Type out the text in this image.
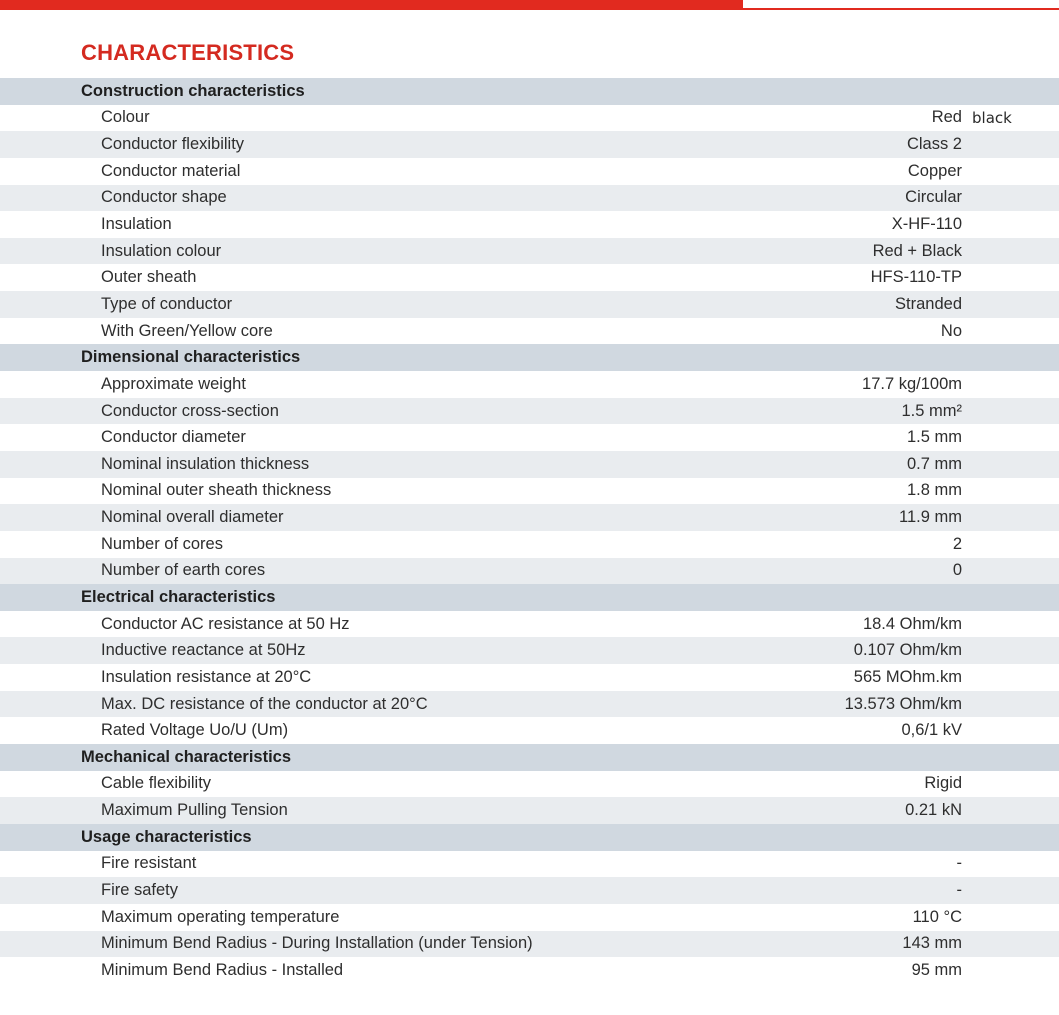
CHARACTERISTICS
Construction characteristics
Colour	Red black
Conductor flexibility	Class 2
Conductor material	Copper
Conductor shape	Circular
Insulation	X-HF-110
Insulation colour	Red + Black
Outer sheath	HFS-110-TP
Type of conductor	Stranded
With Green/Yellow core	No
Dimensional characteristics
Approximate weight	17.7 kg/100m
Conductor cross-section	1.5 mm²
Conductor diameter	1.5 mm
Nominal insulation thickness	0.7 mm
Nominal outer sheath thickness	1.8 mm
Nominal overall diameter	11.9 mm
Number of cores	2
Number of earth cores	0
Electrical characteristics
Conductor AC resistance at 50 Hz	18.4 Ohm/km
Inductive reactance at 50Hz	0.107 Ohm/km
Insulation resistance at 20°C	565 MOhm.km
Max. DC resistance of the conductor at 20°C	13.573 Ohm/km
Rated Voltage Uo/U (Um)	0,6/1 kV
Mechanical characteristics
Cable flexibility	Rigid
Maximum Pulling Tension	0.21 kN
Usage characteristics
Fire resistant	-
Fire safety	-
Maximum operating temperature	110 °C
Minimum Bend Radius - During Installation (under Tension)	143 mm
Minimum Bend Radius - Installed	95 mm
